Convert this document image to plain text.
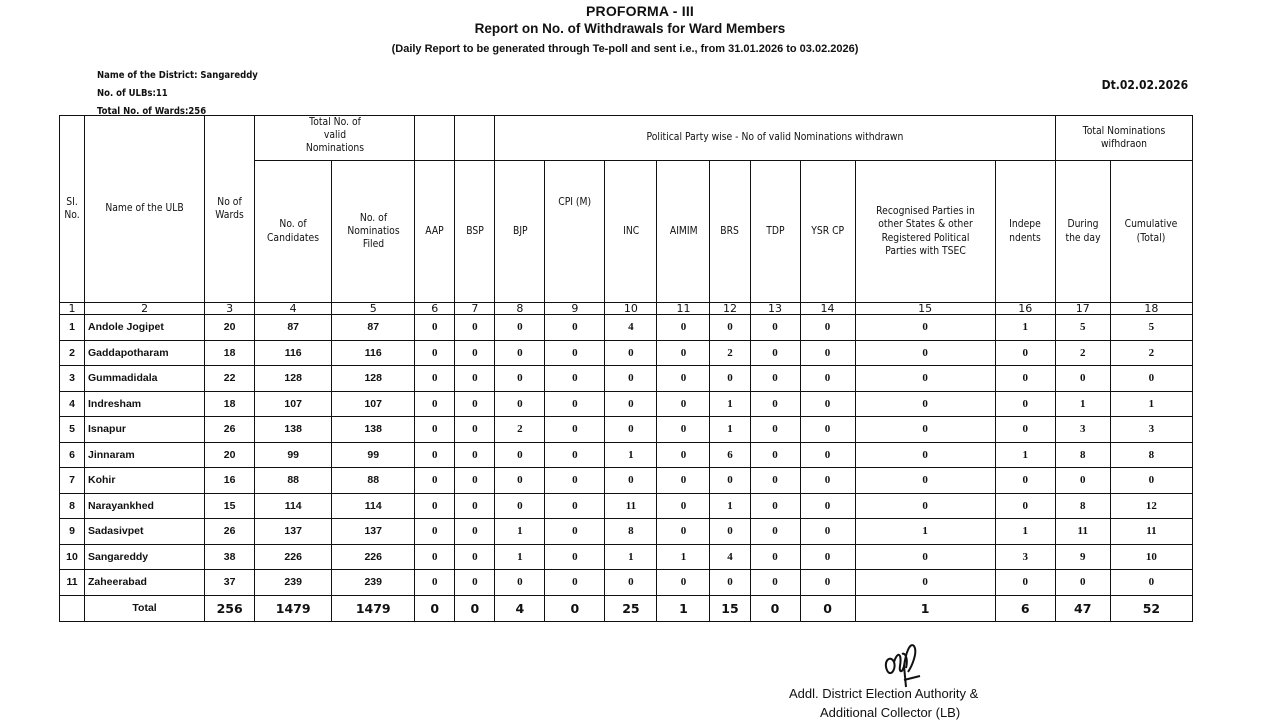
PROFORMA - III
Report on No. of Withdrawals for Ward Members
(Daily Report to be generated through Te-poll and sent i.e., from 31.01.2026 to 03.02.2026)
Name of the District: Sangareddy
No. of ULBs:11
Total No. of Wards:256
Dt.02.02.2026
SI. No.	Name of the ULB	No of Wards	Total No. of valid Nominations				Political Party wise - No of valid Nominations withdrawn									Total Nominations wifhdraon	
			No. of Candidates	No. of Nominatios Filed	AAP	BSP	BJP	CPI (M)	INC	AIMIM	BRS	TDP	YSR CP	Recognised Parties in other States & other Registered Political Parties with TSEC	Indepe ndents	During the day	Cumulative (Total)
1	2	3	4	5	6	7	8	9	10	11	12	13	14	15	16	17	18
1	Andole Jogipet	20	87	87	0	0	0	0	4	0	0	0	0	0	1	5	5
2	Gaddapotharam	18	116	116	0	0	0	0	0	0	2	0	0	0	0	2	2
3	Gummadidala	22	128	128	0	0	0	0	0	0	0	0	0	0	0	0	0
4	Indresham	18	107	107	0	0	0	0	0	0	1	0	0	0	0	1	1
5	Isnapur	26	138	138	0	0	2	0	0	0	1	0	0	0	0	3	3
6	Jinnaram	20	99	99	0	0	0	0	1	0	6	0	0	0	1	8	8
7	Kohir	16	88	88	0	0	0	0	0	0	0	0	0	0	0	0	0
8	Narayankhed	15	114	114	0	0	0	0	11	0	1	0	0	0	0	8	12
9	Sadasivpet	26	137	137	0	0	1	0	8	0	0	0	0	1	1	11	11
10	Sangareddy	38	226	226	0	0	1	0	1	1	4	0	0	0	3	9	10
11	Zaheerabad	37	239	239	0	0	0	0	0	0	0	0	0	0	0	0	0
	Total	256	1479	1479	0	0	4	0	25	1	15	0	0	1	6	47	52
Addl. District Election Authority &
Additional Collector (LB)
